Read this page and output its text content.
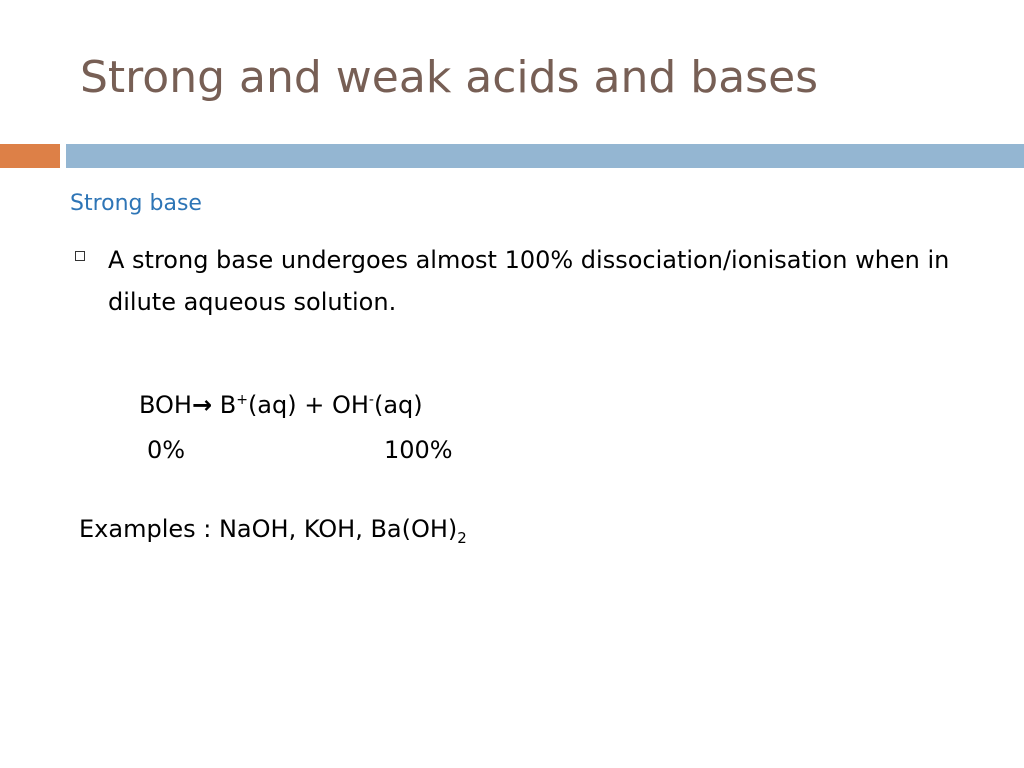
Strong and weak acids and bases
Strong base
A strong base undergoes almost 100% dissociation/ionisation when in dilute aqueous solution.
BOH→ B+(aq) + OH-(aq)
0%	100%
Examples : NaOH, KOH, $Ba(OH)_2$
